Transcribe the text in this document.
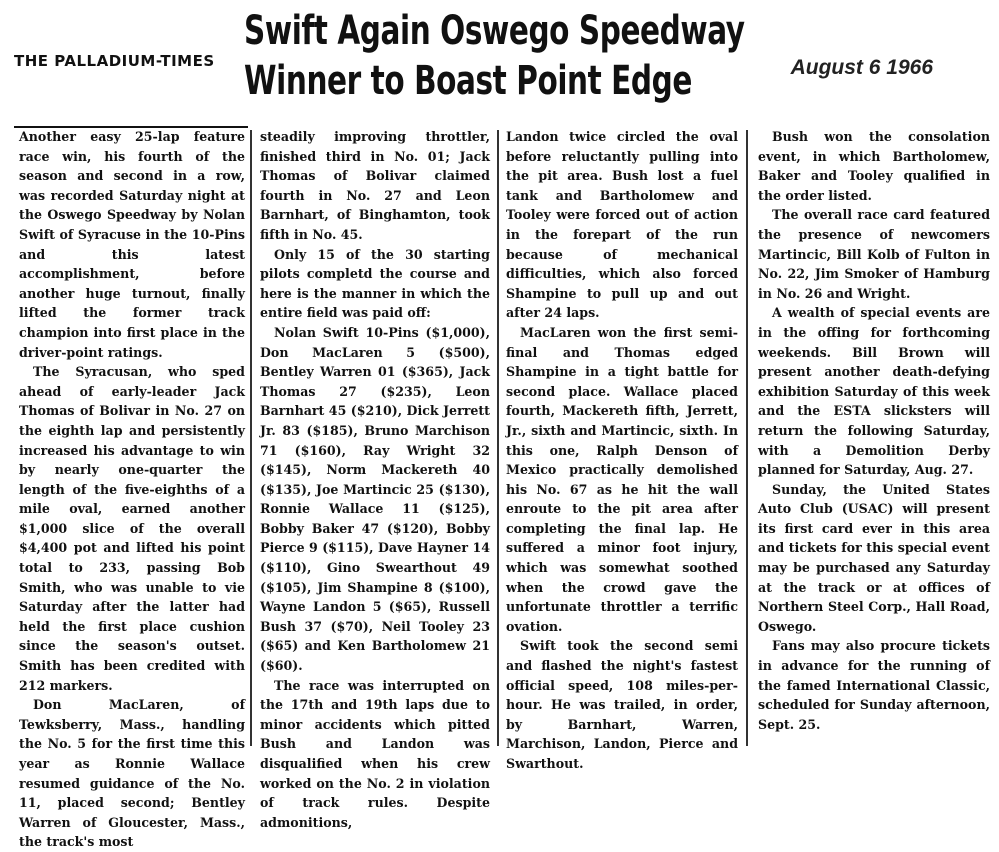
THE PALLADIUM-TIMES
Swift Again Oswego Speedway
Winner to Boast Point Edge	August 6 1966

Another easy 25-lap feature race win, his fourth of the season and second in a row, was recorded Saturday night at the Oswego Speedway by Nolan Swift of Syracuse in the 10-Pins and this latest accomplishment, before another huge turnout, finally lifted the former track champion into first place in the driver-point ratings.

The Syracusan, who sped ahead of early-leader Jack Thomas of Bolivar in No. 27 on the eighth lap and persistently increased his advantage to win by nearly one-quarter the length of the five-eighths of a mile oval, earned another $1,000 slice of the overall $4,400 pot and lifted his point total to 233, passing Bob Smith, who was unable to vie Saturday after the latter had held the first place cushion since the season's outset. Smith has been credited with 212 markers.

Don MacLaren, of Tewksberry, Mass., handling the No. 5 for the first time this year as Ronnie Wallace resumed guidance of the No. 11, placed second; Bentley Warren of Gloucester, Mass., the track's most

steadily improving throttler, finished third in No. 01; Jack Thomas of Bolivar claimed fourth in No. 27 and Leon Barnhart, of Binghamton, took fifth in No. 45.

Only 15 of the 30 starting pilots completd the course and here is the manner in which the entire field was paid off:

Nolan Swift 10-Pins ($1,000), Don MacLaren 5 ($500), Bentley Warren 01 ($365), Jack Thomas 27 ($235), Leon Barnhart 45 ($210), Dick Jerrett Jr. 83 ($185), Bruno Marchison 71 ($160), Ray Wright 32 ($145), Norm Mackereth 40 ($135), Joe Martincic 25 ($130), Ronnie Wallace 11 ($125), Bobby Baker 47 ($120), Bobby Pierce 9 ($115), Dave Hayner 14 ($110), Gino Swearthout 49 ($105), Jim Shampine 8 ($100), Wayne Landon 5 ($65), Russell Bush 37 ($70), Neil Tooley 23 ($65) and Ken Bartholomew 21 ($60).

The race was interrupted on the 17th and 19th laps due to minor accidents which pitted Bush and Landon was disqualified when his crew worked on the No. 2 in violation of track rules. Despite admonitions,

Landon twice circled the oval before reluctantly pulling into the pit area. Bush lost a fuel tank and Bartholomew and Tooley were forced out of action in the forepart of the run because of mechanical difficulties, which also forced Shampine to pull up and out after 24 laps.

MacLaren won the first semi-final and Thomas edged Shampine in a tight battle for second place. Wallace placed fourth, Mackereth fifth, Jerrett, Jr., sixth and Martincic, sixth. In this one, Ralph Denson of Mexico practically demolished his No. 67 as he hit the wall enroute to the pit area after completing the final lap. He suffered a minor foot injury, which was somewhat soothed when the crowd gave the unfortunate throttler a terrific ovation.

Swift took the second semi and flashed the night's fastest official speed, 108 miles-per-hour. He was trailed, in order, by Barnhart, Warren, Marchison, Landon, Pierce and Swarthout.

Bush won the consolation event, in which Bartholomew, Baker and Tooley qualified in the order listed.

The overall race card featured the presence of newcomers Martincic, Bill Kolb of Fulton in No. 22, Jim Smoker of Hamburg in No. 26 and Wright.

A wealth of special events are in the offing for forthcoming weekends. Bill Brown will present another death-defying exhibition Saturday of this week and the ESTA slicksters will return the following Saturday, with a Demolition Derby planned for Saturday, Aug. 27.

Sunday, the United States Auto Club (USAC) will present its first card ever in this area and tickets for this special event may be purchased any Saturday at the track or at offices of Northern Steel Corp., Hall Road, Oswego.

Fans may also procure tickets in advance for the running of the famed International Classic, scheduled for Sunday afternoon, Sept. 25.
